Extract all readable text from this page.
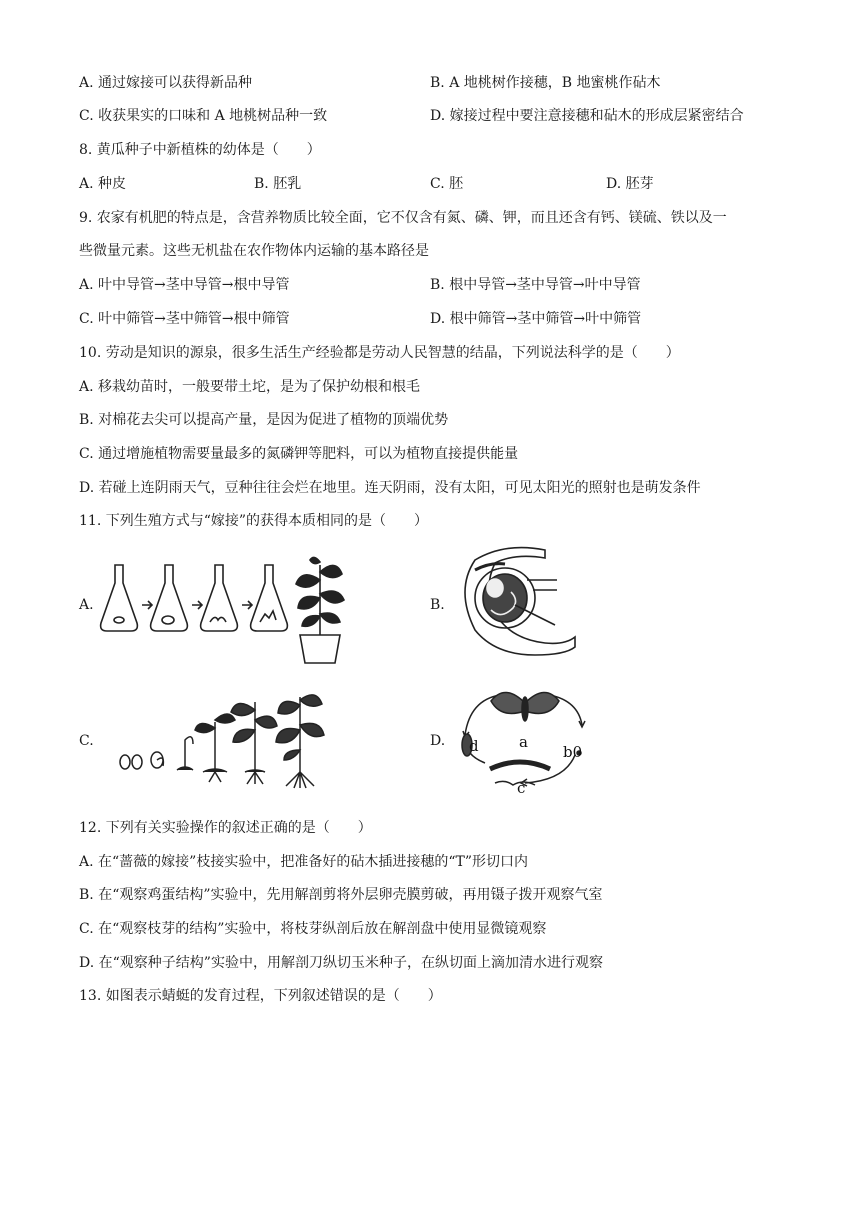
A. 通过嫁接可以获得新品种	B. A 地桃树作接穗，B 地蜜桃作砧木
C. 收获果实的口味和 A 地桃树品种一致	D. 嫁接过程中要注意接穗和砧木的形成层紧密结合
8. 黄瓜种子中新植株的幼体是（　　）
A. 种皮	B. 胚乳	C. 胚	D. 胚芽
9. 农家有机肥的特点是，含营养物质比较全面，它不仅含有氮、磷、钾，而且还含有钙、镁硫、铁以及一
些微量元素。这些无机盐在农作物体内运输的基本路径是
A. 叶中导管→茎中导管→根中导管	B. 根中导管→茎中导管→叶中导管
C. 叶中筛管→茎中筛管→根中筛管	D. 根中筛管→茎中筛管→叶中筛管
10. 劳动是知识的源泉，很多生活生产经验都是劳动人民智慧的结晶，下列说法科学的是（　　）
A. 移栽幼苗时，一般要带土坨，是为了保护幼根和根毛
B. 对棉花去尖可以提高产量，是因为促进了植物的顶端优势
C. 通过增施植物需要量最多的氮磷钾等肥料，可以为植物直接提供能量
D. 若碰上连阴雨天气，豆种往往会烂在地里。连天阴雨，没有太阳，可见太阳光的照射也是萌发条件
11. 下列生殖方式与“嫁接”的获得本质相同的是（　　）
A.	B.
C.	D. d	a
b0
c
12. 下列有关实验操作的叙述正确的是（　　）
A. 在“蔷薇的嫁接”枝接实验中，把准备好的砧木插进接穗的“T”形切口内
B. 在“观察鸡蛋结构”实验中，先用解剖剪将外层卵壳膜剪破，再用镊子拨开观察气室
C. 在“观察枝芽的结构”实验中，将枝芽纵剖后放在解剖盘中使用显微镜观察
D. 在“观察种子结构”实验中，用解剖刀纵切玉米种子，在纵切面上滴加清水进行观察
13. 如图表示蜻蜓的发育过程，下列叙述错误的是（　　）
